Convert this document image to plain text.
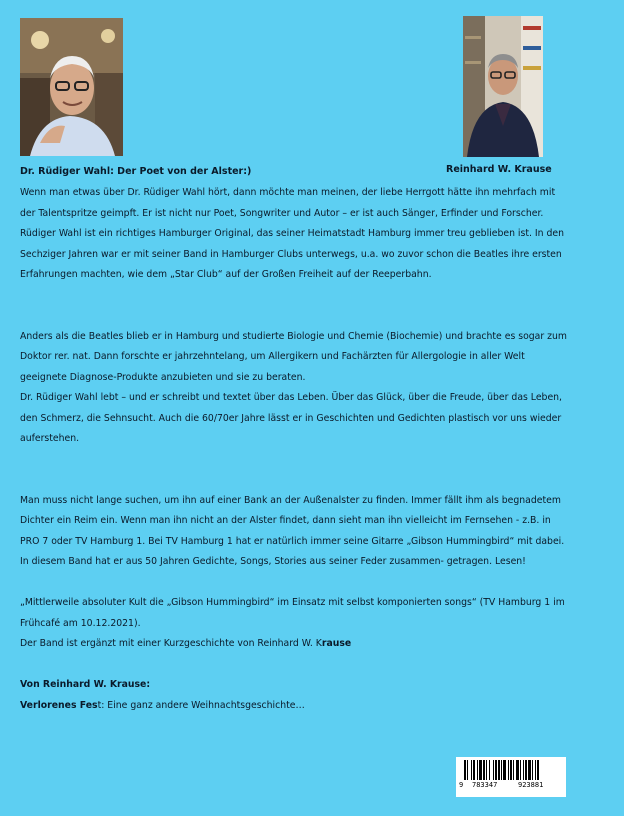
Dr. Rüdiger Wahl: Der Poet von der Alster:)	Reinhard W. Krause

Wenn man etwas über Dr. Rüdiger Wahl hört, dann möchte man meinen, der liebe Herrgott hätte ihn mehrfach mit der Talentspritze geimpft. Er ist nicht nur Poet, Songwriter und Autor – er ist auch Sänger, Erfinder und Forscher. Rüdiger Wahl ist ein richtiges Hamburger Original, das seiner Heimatstadt Hamburg immer treu geblieben ist. In den Sechziger Jahren war er mit seiner Band in Hamburger Clubs unterwegs, u.a. wo zuvor schon die Beatles ihre ersten Erfahrungen machten, wie dem „Star Club“ auf der Großen Freiheit auf der Reeperbahn.

Anders als die Beatles blieb er in Hamburg und studierte Biologie und Chemie (Biochemie) und brachte es sogar zum Doktor rer. nat. Dann forschte er jahrzehntelang, um Allergikern und Fachärzten für Allergologie in aller Welt geeignete Diagnose-Produkte anzubieten und sie zu beraten.

Dr. Rüdiger Wahl lebt – und er schreibt und textet über das Leben. Über das Glück, über die Freude, über das Leben, den Schmerz, die Sehnsucht. Auch die 60/70er Jahre lässt er in Geschichten und Gedichten plastisch vor uns wieder auferstehen.

Man muss nicht lange suchen, um ihn auf einer Bank an der Außenalster zu finden. Immer fällt ihm als begnadetem Dichter ein Reim ein. Wenn man ihn nicht an der Alster findet, dann sieht man ihn vielleicht im Fernsehen - z.B. in PRO 7 oder TV Hamburg 1. Bei TV Hamburg 1 hat er natürlich immer seine Gitarre „Gibson Hummingbird“ mit dabei.

In diesem Band hat er aus 50 Jahren Gedichte, Songs, Stories aus seiner Feder zusammen- getragen. Lesen!

„Mittlerweile absoluter Kult die „Gibson Hummingbird“ im Einsatz mit selbst komponierten songs“ (TV Hamburg 1 im Frühcafé am 10.12.2021).

Der Band ist ergänzt mit einer Kurzgeschichte von Reinhard W. Krause

Von Reinhard W. Krause:

Verlorenes Fest: Eine ganz andere Weihnachtsgeschichte…

9 783347	923881
